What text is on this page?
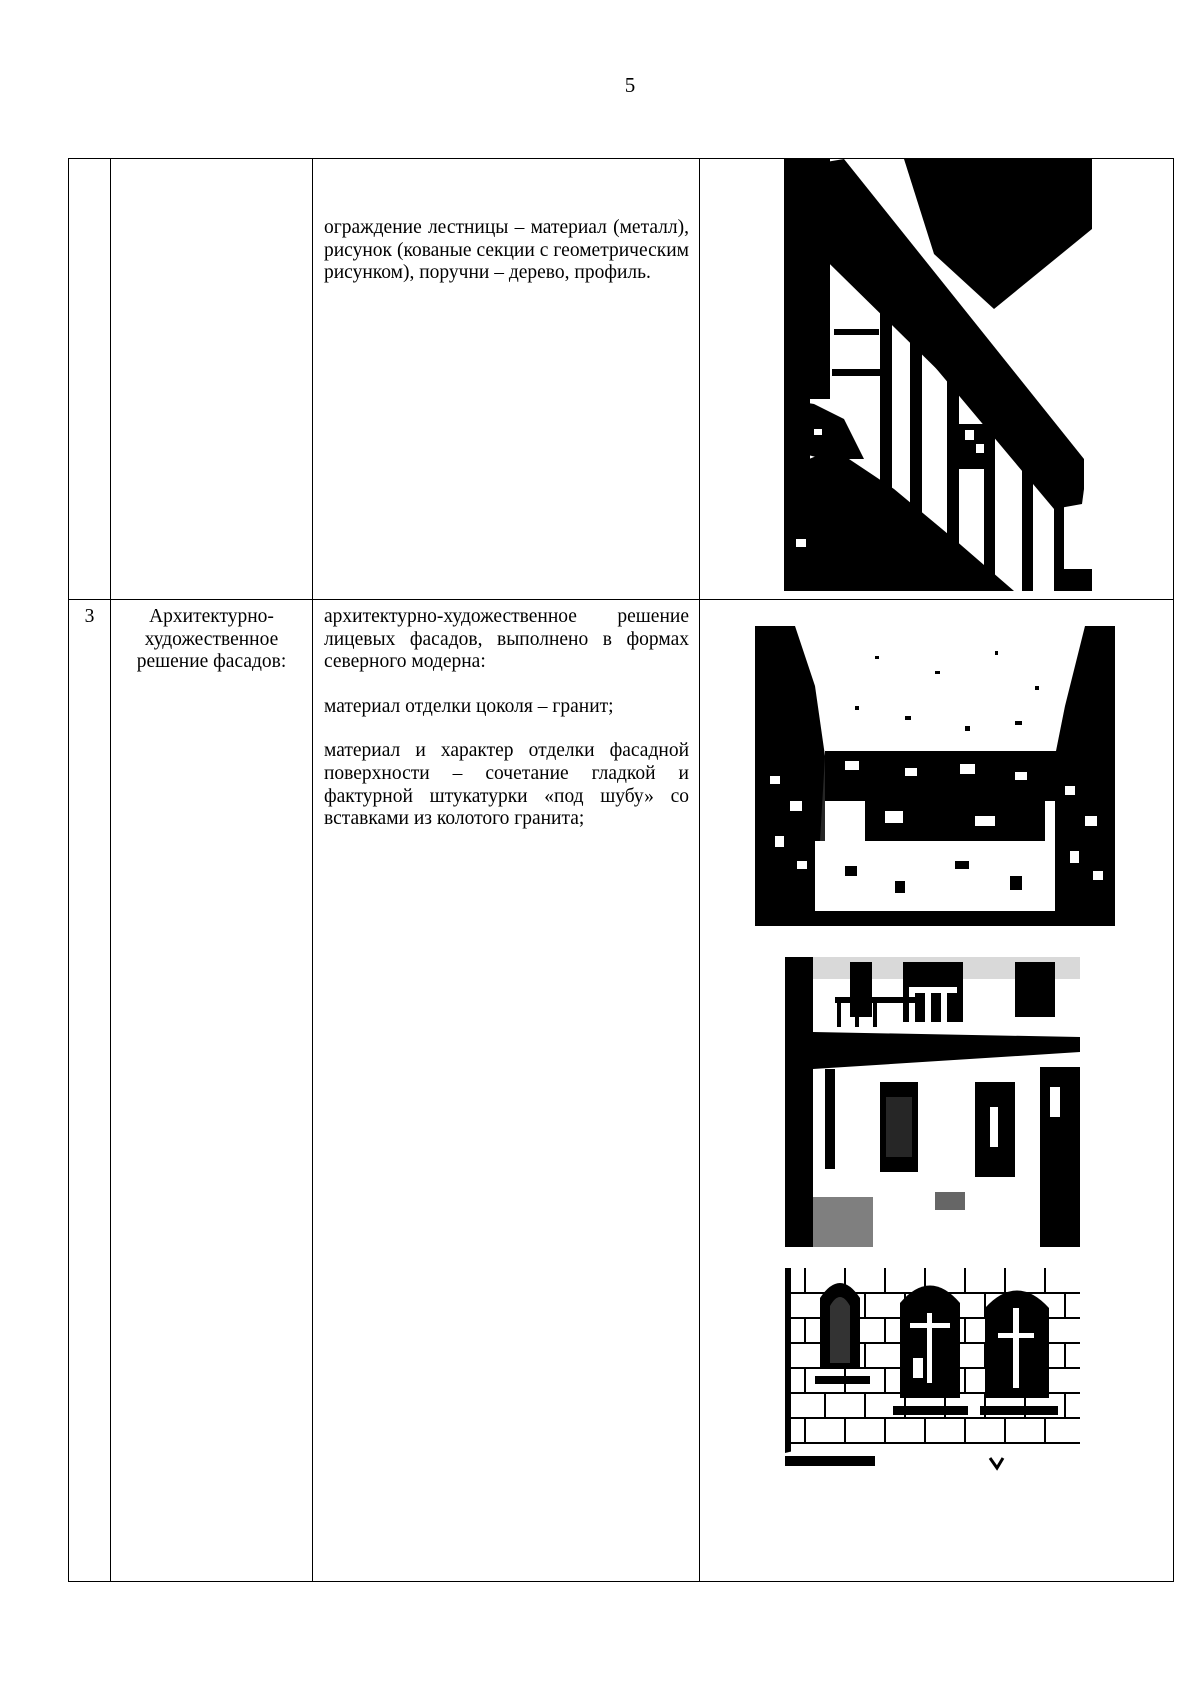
5

		ограждение лестницы – материал (металл), рисунок (кованые секции с геометрическим рисунком), поручни – дерево, профиль.

3	Архитектурно-художественное решение фасадов:	архитектурно-художественное решение лицевых фасадов, выполнено в формах северного модерна:

материал отделки цоколя – гранит;

материал и характер отделки фасадной поверхности – сочетание гладкой и фактурной штукатурки «под шубу» со вставками из колотого гранита;
